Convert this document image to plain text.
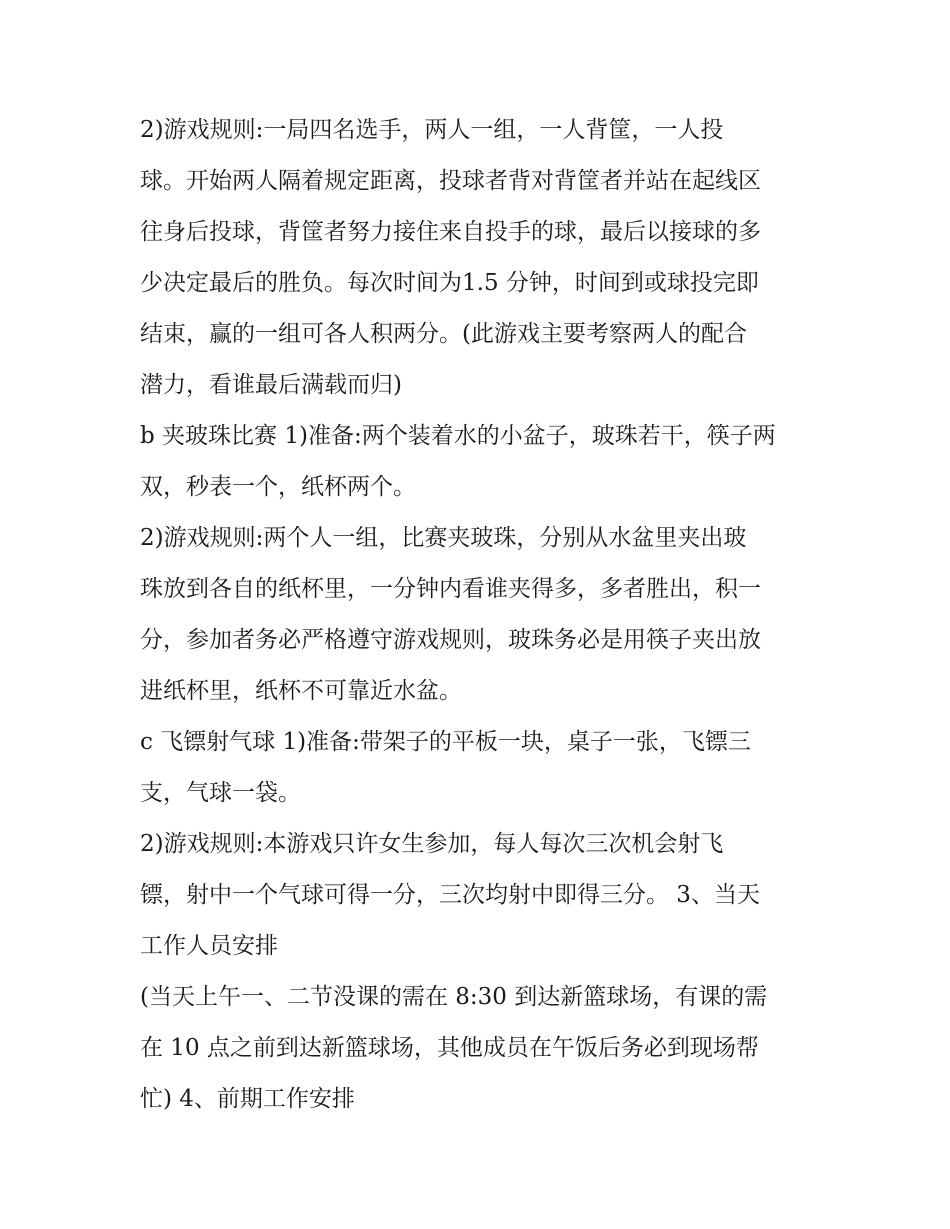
2)游戏规则:一局四名选手，两人一组，一人背筐，一人投
球。开始两人隔着规定距离，投球者背对背筐者并站在起线区
往身后投球，背筐者努力接住来自投手的球，最后以接球的多
少决定最后的胜负。每次时间为1.5 分钟，时间到或球投完即
结束，赢的一组可各人积两分。(此游戏主要考察两人的配合
潜力，看谁最后满载而归)

b 夹玻珠比赛 1)准备:两个装着水的小盆子，玻珠若干，筷子两
双，秒表一个，纸杯两个。

2)游戏规则:两个人一组，比赛夹玻珠，分别从水盆里夹出玻
珠放到各自的纸杯里，一分钟内看谁夹得多，多者胜出，积一
分，参加者务必严格遵守游戏规则，玻珠务必是用筷子夹出放
进纸杯里，纸杯不可靠近水盆。

c 飞镖射气球 1)准备:带架子的平板一块，桌子一张，飞镖三
支，气球一袋。

2)游戏规则:本游戏只许女生参加，每人每次三次机会射飞
镖，射中一个气球可得一分，三次均射中即得三分。 3、当天
工作人员安排

(当天上午一、二节没课的需在 8:30 到达新篮球场，有课的需
在 10 点之前到达新篮球场，其他成员在午饭后务必到现场帮
忙) 4、前期工作安排
